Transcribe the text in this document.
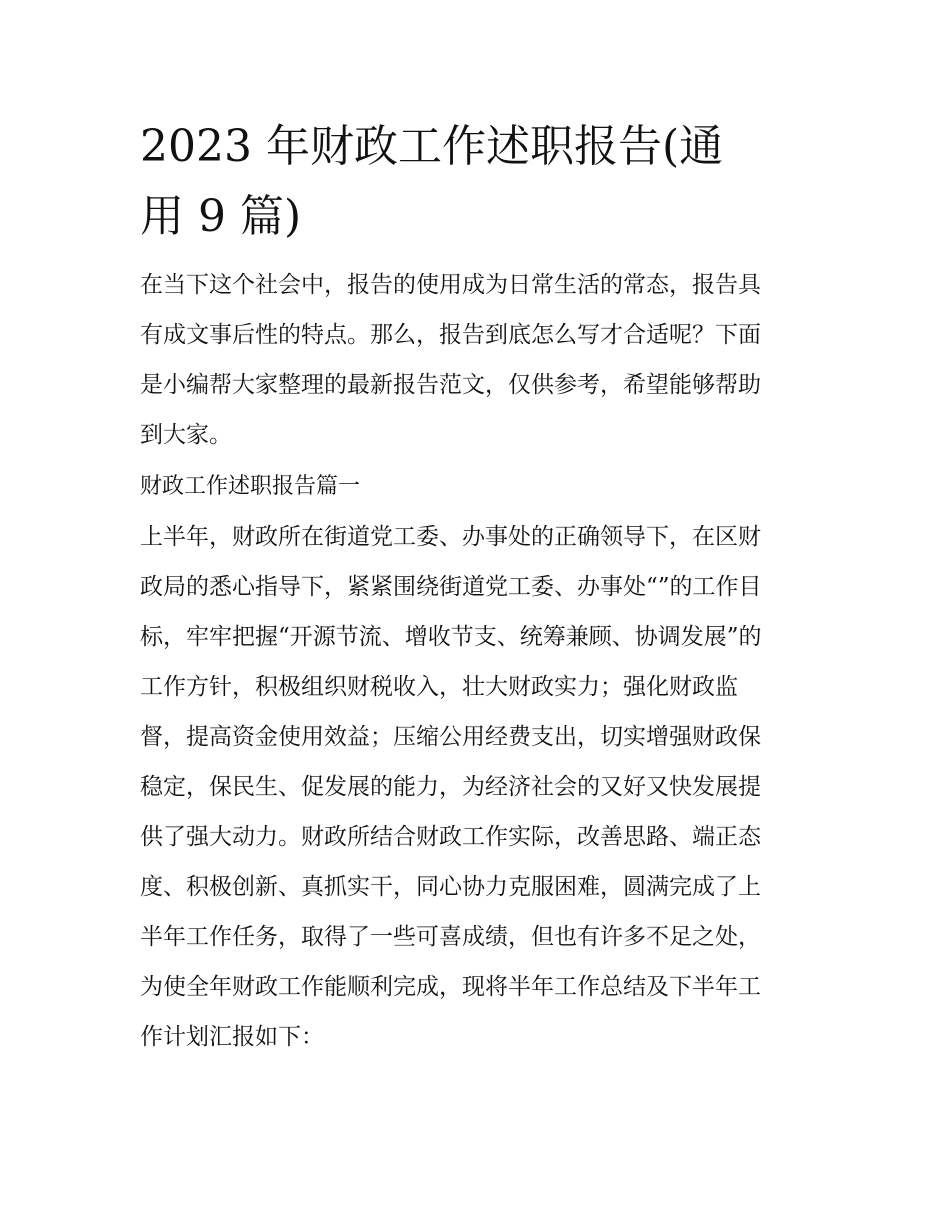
2023 年财政工作述职报告(通
用 9 篇)
在当下这个社会中，报告的使用成为日常生活的常态，报告具
有成文事后性的特点。那么，报告到底怎么写才合适呢？下面
是小编帮大家整理的最新报告范文，仅供参考，希望能够帮助
到大家。
财政工作述职报告篇一
上半年，财政所在街道党工委、办事处的正确领导下，在区财
政局的悉心指导下，紧紧围绕街道党工委、办事处“”的工作目
标，牢牢把握“开源节流、增收节支、统筹兼顾、协调发展”的
工作方针，积极组织财税收入，壮大财政实力；强化财政监
督，提高资金使用效益；压缩公用经费支出，切实增强财政保
稳定，保民生、促发展的能力，为经济社会的又好又快发展提
供了强大动力。财政所结合财政工作实际，改善思路、端正态
度、积极创新、真抓实干，同心协力克服困难，圆满完成了上
半年工作任务，取得了一些可喜成绩，但也有许多不足之处，
为使全年财政工作能顺利完成，现将半年工作总结及下半年工
作计划汇报如下：
